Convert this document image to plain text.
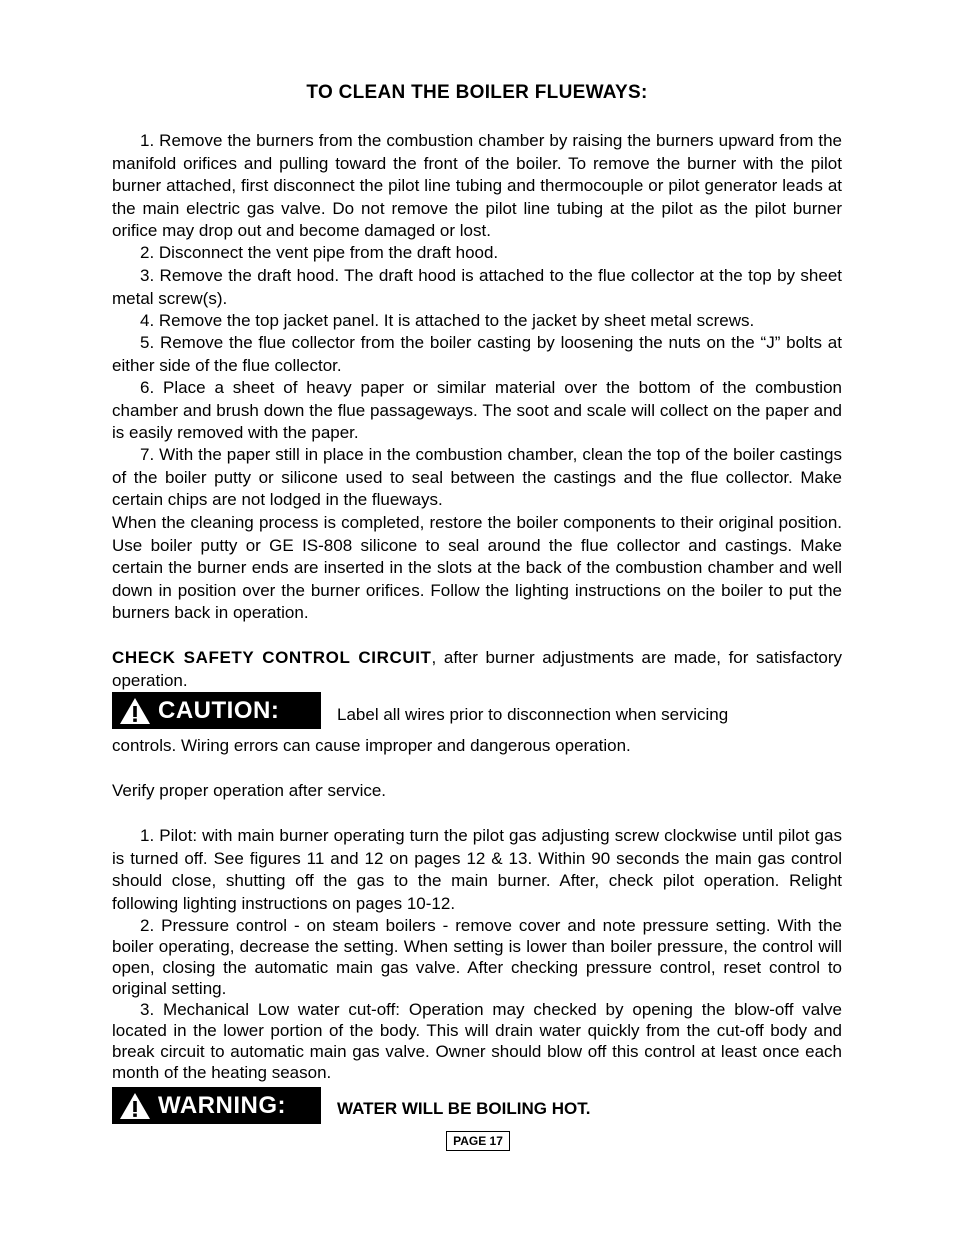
TO CLEAN THE BOILER FLUEWAYS:

1. Remove the burners from the combustion chamber by raising the burners upward from the manifold orifices and pulling toward the front of the boiler. To remove the burner with the pilot burner attached, first disconnect the pilot line tubing and thermocouple or pilot generator leads at the main electric gas valve. Do not remove the pilot line tubing at the pilot as the pilot burner orifice may drop out and become damaged or lost.

2. Disconnect the vent pipe from the draft hood.

3. Remove the draft hood. The draft hood is attached to the flue collector at the top by sheet metal screw(s).

4. Remove the top jacket panel. It is attached to the jacket by sheet metal screws.

5. Remove the flue collector from the boiler casting by loosening the nuts on the “J” bolts at either side of the flue collector.

6. Place a sheet of heavy paper or similar material over the bottom of the combustion chamber and brush down the flue passageways. The soot and scale will collect on the paper and is easily removed with the paper.

7. With the paper still in place in the combustion chamber, clean the top of the boiler castings of the boiler putty or silicone used to seal between the castings and the flue collector. Make certain chips are not lodged in the flueways.

When the cleaning process is completed, restore the boiler components to their original position. Use boiler putty or GE IS-808 silicone to seal around the flue collector and castings. Make certain the burner ends are inserted in the slots at the back of the combustion chamber and well down in position over the burner orifices. Follow the lighting instructions on the boiler to put the burners back in operation.

CHECK SAFETY CONTROL CIRCUIT, after burner adjustments are made, for satisfactory operation.

CAUTION:	Label all wires prior to disconnection when servicing

controls. Wiring errors can cause improper and dangerous operation.

Verify proper operation after service.

1. Pilot: with main burner operating turn the pilot gas adjusting screw clockwise until pilot gas is turned off. See figures 11 and 12 on pages 12 & 13. Within 90 seconds the main gas control should close, shutting off the gas to the main burner. After, check pilot operation. Relight following lighting instructions on pages 10-12.

2. Pressure control - on steam boilers - remove cover and note pressure setting. With the boiler operating, decrease the setting. When setting is lower than boiler pressure, the control will open, closing the automatic main gas valve. After checking pressure control, reset control to original setting.

3. Mechanical Low water cut-off: Operation may checked by opening the blow-off valve located in the lower portion of the body. This will drain water quickly from the cut-off body and break circuit to automatic main gas valve. Owner should blow off this control at least once each month of the heating season.

WARNING:	WATER WILL BE BOILING HOT.
PAGE 17
